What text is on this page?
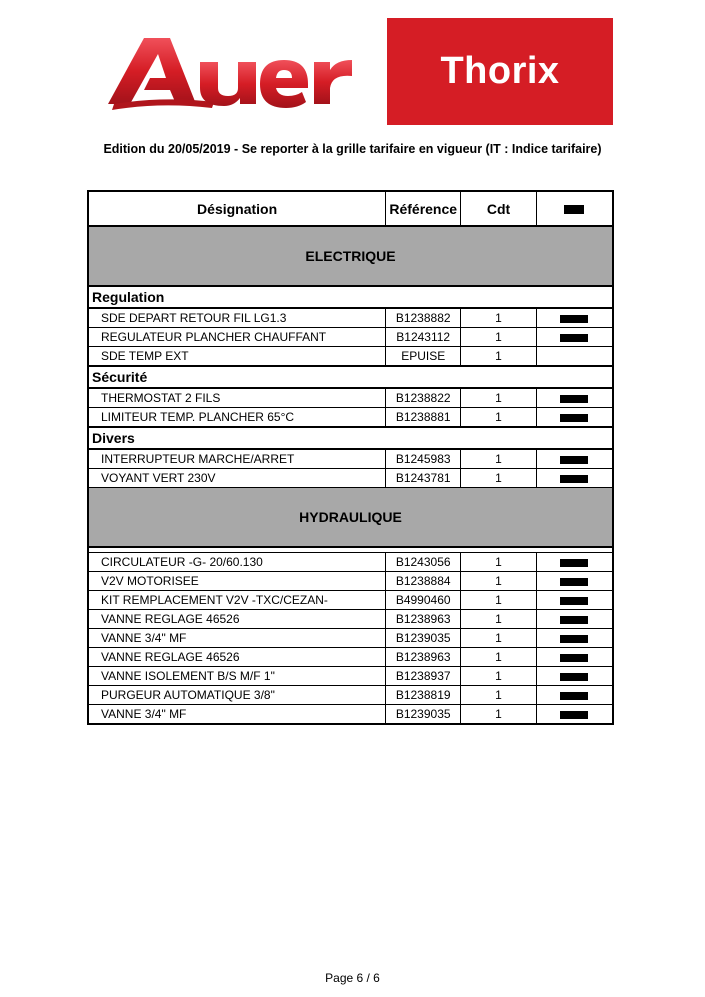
Thorix
Edition du 20/05/2019 - Se reporter à la grille tarifaire en vigueur (IT : Indice tarifaire)
Désignation	Référence	Cdt	
ELECTRIQUE			
Regulation			
SDE DEPART RETOUR FIL LG1.3	B1238882	1	
REGULATEUR PLANCHER CHAUFFANT	B1243112	1	
SDE TEMP EXT	EPUISE	1	
Sécurité			
THERMOSTAT 2 FILS	B1238822	1	
LIMITEUR TEMP. PLANCHER 65°C	B1238881	1	
Divers			
INTERRUPTEUR MARCHE/ARRET	B1245983	1	
VOYANT VERT 230V	B1243781	1	
HYDRAULIQUE			

CIRCULATEUR -G- 20/60.130	B1243056	1	
V2V MOTORISEE	B1238884	1	
KIT REMPLACEMENT V2V -TXC/CEZAN-	B4990460	1	
VANNE REGLAGE 46526	B1238963	1	
VANNE 3/4" MF	B1239035	1	
VANNE REGLAGE 46526	B1238963	1	
VANNE ISOLEMENT B/S M/F 1"	B1238937	1	
PURGEUR AUTOMATIQUE 3/8"	B1238819	1	
VANNE 3/4" MF	B1239035	1	
Page 6 / 6
